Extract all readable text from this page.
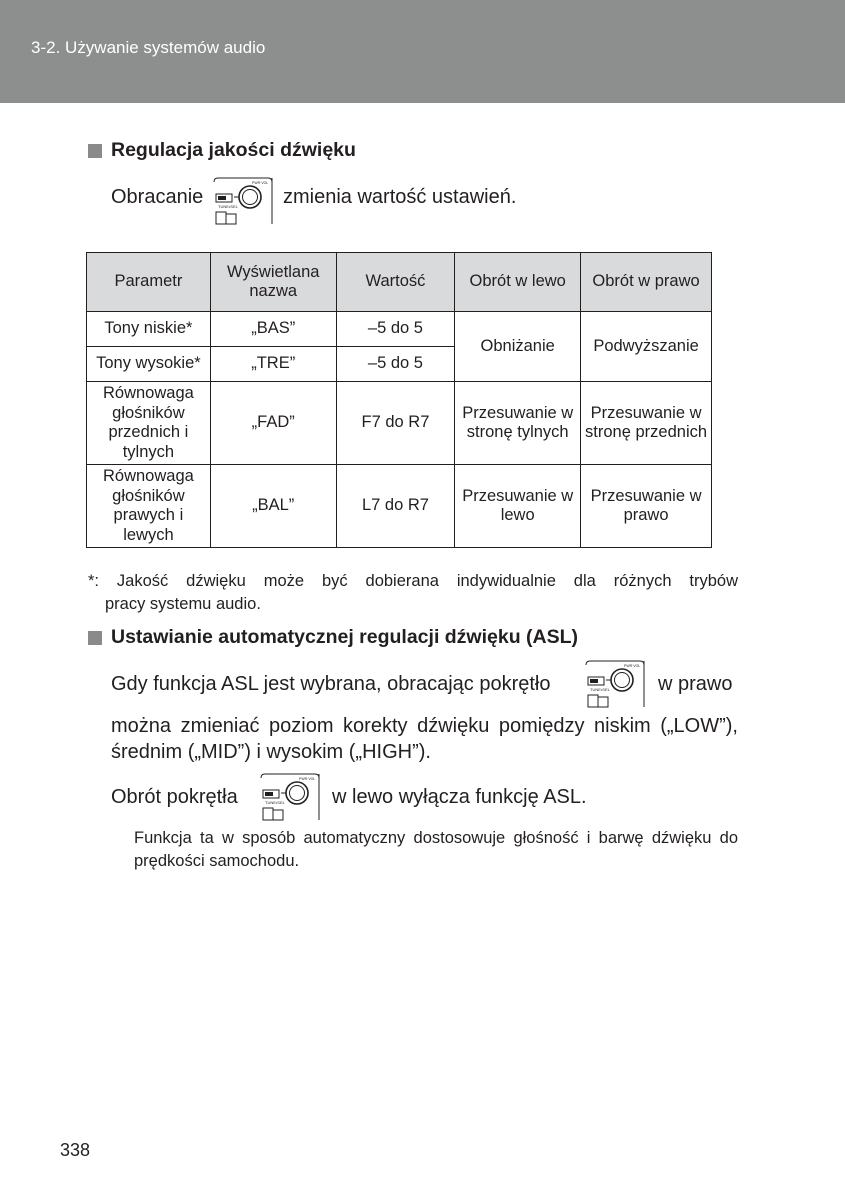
3-2. Używanie systemów audio
Regulacja jakości dźwięku
Obracanie	TUNE•SEL
PWR·VOL
zmienia wartość ustawień.
Parametr	Wyświetlana nazwa	Wartość	Obrót w lewo	Obrót w prawo
Tony niskie*	„BAS”	–5 do 5	Obniżanie	Podwyższanie
Tony wysokie*	„TRE”	–5 do 5		
Równowaga głośników przednich i tylnych	„FAD”	F7 do R7	Przesuwanie w stronę tylnych	Przesuwanie w stronę przednich
Równowaga głośników prawych i lewych	„BAL”	L7 do R7	Przesuwanie w lewo	Przesuwanie w prawo
*: Jakość dźwięku może być dobierana indywidualnie dla różnych trybów
pracy systemu audio.
Ustawianie automatycznej regulacji dźwięku (ASL)
Gdy funkcja ASL jest wybrana, obracając pokrętło	TUNE•SEL
PWR·VOL
w prawo
można zmieniać poziom korekty dźwięku pomiędzy niskim („LOW”), średnim („MID”) i wysokim („HIGH”).
Obrót pokrętła	TUNE•SEL
PWR·VOL
w lewo wyłącza funkcję ASL.
Funkcja ta w sposób automatyczny dostosowuje głośność i barwę dźwięku do prędkości samochodu.
338
